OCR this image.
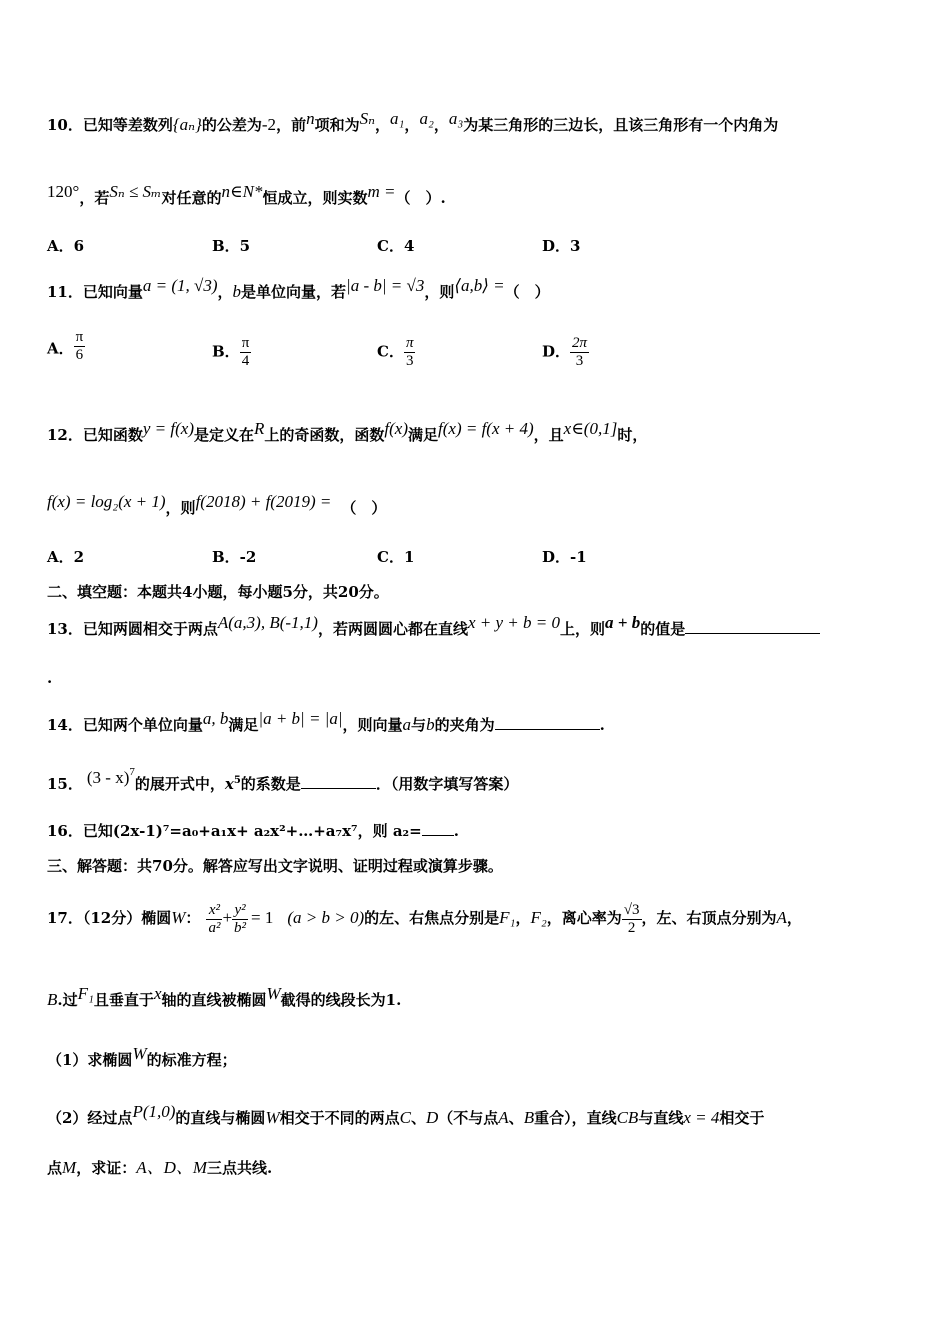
10．已知等差数列{aₙ}的公差为-2，前n项和为Sₙ，a₁，a₂，a₃为某三角形的三边长，且该三角形有一个内角为
120°，若Sₙ ≤ Sₘ对任意的n∈N*恒成立，则实数m =（　）.
A．6	B．5	C．4	D．3
11．已知向量a = (1, √3)，b是单位向量，若|a - b| = √3，则⟨a,b⟩ =（　）
A． $\frac{\pi}{6}$	B． $\frac{\pi}{4}$	C． $\frac{\pi}{3}$	D． $\frac{2\pi}{3}$
12．已知函数y = f(x)是定义在R上的奇函数，函数f(x)满足f(x) = f(x + 4)，且x∈(0,1]时，
f(x) = log₂(x + 1)，则f(2018) + f(2019) = （　）
A．2	B．-2	C．1	D．-1
二、填空题：本题共4小题，每小题5分，共20分。
13．已知两圆相交于两点A(a,3), B(-1,1)，若两圆圆心都在直线x + y + b = 0上，则a + b的值是
.
14．已知两个单位向量a, b满足|a + b| = |a|，则向量a与b的夹角为	.
15． (3 - x)$^7$的展开式中，$x^5$的系数是	．（用数字填写答案）
16．已知(2x-1)⁷=a₀+a₁x+ a₂x²+…+a₇x⁷，则 a₂= .
三、解答题：共70分。解答应写出文字说明、证明过程或演算步骤。
17．（12分）椭圆W： $\frac{\text{x²}}{\text{a²}} + \frac{\text{y²}}{\text{b²}} = 1$ (a > b > 0)的左、右焦点分别是F₁，F₂，离心率为 $\frac{√3}{2}$ ，左、右顶点分别为A，
B.过F₁且垂直于x轴的直线被椭圆W截得的线段长为1.
（1）求椭圆W的标准方程；
（2）经过点P(1,0)的直线与椭圆W相交于不同的两点C、D（不与点A、B重合），直线CB与直线x = 4相交于
点M，求证：A、D、M三点共线.
